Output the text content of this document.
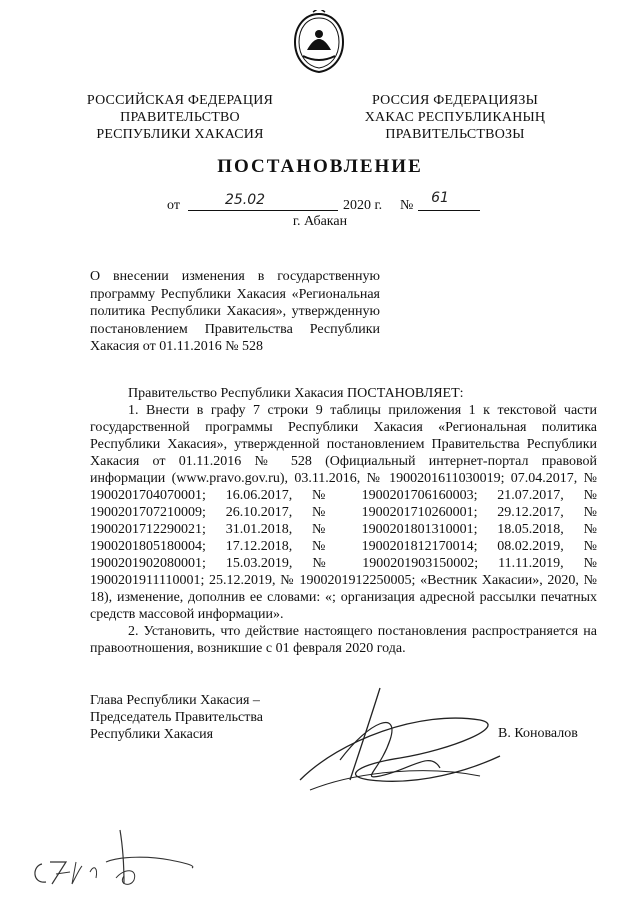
РОССИЙСКАЯ ФЕДЕРАЦИЯ
ПРАВИТЕЛЬСТВО
РЕСПУБЛИКИ ХАКАСИЯ
РОССИЯ ФЕДЕРАЦИЯЗЫ
ХАКАС РЕСПУБЛИКАНЫҢ
ПРАВИТЕЛЬСТВОЗЫ
ПОСТАНОВЛЕНИЕ
от	25.02	2020 г. №	61
г. Абакан
О внесении изменения в государственную программу Республики Хакасия «Региональная политика Республики Хакасия», утвержденную постановлением Правительства Республики Хакасия от 01.11.2016 № 528

Правительство Республики Хакасия ПОСТАНОВЛЯЕТ:

1. Внести в графу 7 строки 9 таблицы приложения 1 к текстовой части государственной программы Республики Хакасия «Региональная политика Республики Хакасия», утвержденной постановлением Правительства Республики Хакасия от 01.11.2016 № 528 (Официальный интернет-портал правовой информации (www.pravo.gov.ru), 03.11.2016, № 1900201611030019; 07.04.2017, № 1900201704070001; 16.06.2017, № 1900201706160003; 21.07.2017, № 1900201707210009; 26.10.2017, № 1900201710260001; 29.12.2017, № 1900201712290021; 31.01.2018, № 1900201801310001; 18.05.2018, № 1900201805180004; 17.12.2018, № 1900201812170014; 08.02.2019, № 1900201902080001; 15.03.2019, № 1900201903150002; 11.11.2019, № 1900201911110001; 25.12.2019, № 1900201912250005; «Вестник Хакасии», 2020, № 18), изменение, дополнив ее словами: «; организация адресной рассылки печатных средств массовой информации».

2. Установить, что действие настоящего постановления распространяется на правоотношения, возникшие с 01 февраля 2020 года.

Глава Республики Хакасия –
Председатель Правительства
Республики Хакасия	В. Коновалов
